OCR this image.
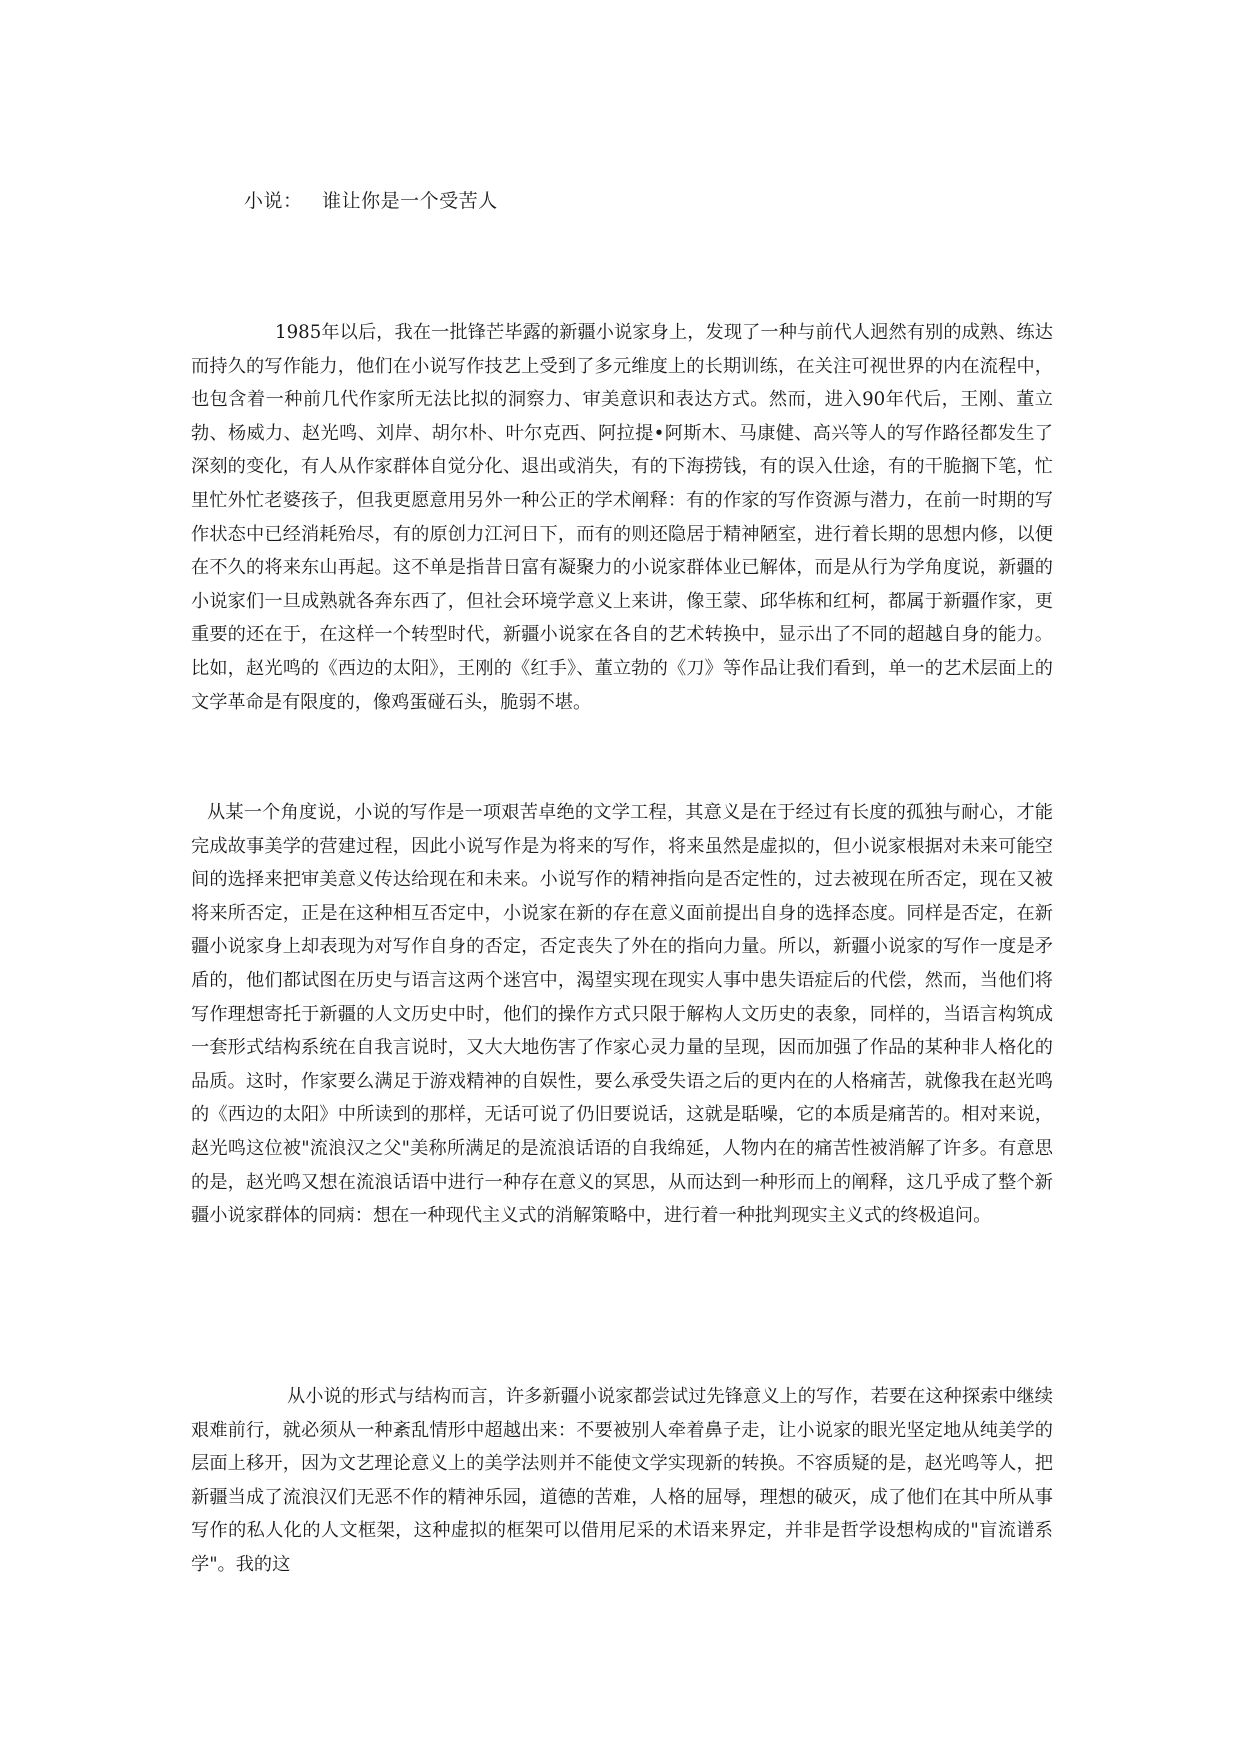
小说：   谁让你是一个受苦人

1985年以后，我在一批锋芒毕露的新疆小说家身上，发现了一种与前代人迥然有别的成熟、练达而持久的写作能力，他们在小说写作技艺上受到了多元维度上的长期训练，在关注可视世界的内在流程中，也包含着一种前几代作家所无法比拟的洞察力、审美意识和表达方式。然而，进入90年代后，王刚、董立勃、杨威力、赵光鸣、刘岸、胡尔朴、叶尔克西、阿拉提•阿斯木、马康健、高兴等人的写作路径都发生了深刻的变化，有人从作家群体自觉分化、退出或消失，有的下海捞钱，有的误入仕途，有的干脆搁下笔，忙里忙外忙老婆孩子，但我更愿意用另外一种公正的学术阐释：有的作家的写作资源与潜力，在前一时期的写作状态中已经消耗殆尽，有的原创力江河日下，而有的则还隐居于精神陋室，进行着长期的思想内修，以便在不久的将来东山再起。这不单是指昔日富有凝聚力的小说家群体业已解体，而是从行为学角度说，新疆的小说家们一旦成熟就各奔东西了，但社会环境学意义上来讲，像王蒙、邱华栋和红柯，都属于新疆作家，更重要的还在于，在这样一个转型时代，新疆小说家在各自的艺术转换中，显示出了不同的超越自身的能力。比如，赵光鸣的《西边的太阳》，王刚的《红手》、董立勃的《刀》等作品让我们看到，单一的艺术层面上的文学革命是有限度的，像鸡蛋碰石头，脆弱不堪。

从某一个角度说，小说的写作是一项艰苦卓绝的文学工程，其意义是在于经过有长度的孤独与耐心，才能完成故事美学的营建过程，因此小说写作是为将来的写作，将来虽然是虚拟的，但小说家根据对未来可能空间的选择来把审美意义传达给现在和未来。小说写作的精神指向是否定性的，过去被现在所否定，现在又被将来所否定，正是在这种相互否定中，小说家在新的存在意义面前提出自身的选择态度。同样是否定，在新疆小说家身上却表现为对写作自身的否定，否定丧失了外在的指向力量。所以，新疆小说家的写作一度是矛盾的，他们都试图在历史与语言这两个迷宫中，渴望实现在现实人事中患失语症后的代偿，然而，当他们将写作理想寄托于新疆的人文历史中时，他们的操作方式只限于解构人文历史的表象，同样的，当语言构筑成一套形式结构系统在自我言说时，又大大地伤害了作家心灵力量的呈现，因而加强了作品的某种非人格化的品质。这时，作家要么满足于游戏精神的自娱性，要么承受失语之后的更内在的人格痛苦，就像我在赵光鸣的《西边的太阳》中所读到的那样，无话可说了仍旧要说话，这就是聒噪，它的本质是痛苦的。相对来说，赵光鸣这位被"流浪汉之父"美称所满足的是流浪话语的自我绵延，人物内在的痛苦性被消解了许多。有意思的是，赵光鸣又想在流浪话语中进行一种存在意义的冥思，从而达到一种形而上的阐释，这几乎成了整个新疆小说家群体的同病：想在一种现代主义式的消解策略中，进行着一种批判现实主义式的终极追问。

从小说的形式与结构而言，许多新疆小说家都尝试过先锋意义上的写作，若要在这种探索中继续艰难前行，就必须从一种紊乱情形中超越出来：不要被别人牵着鼻子走，让小说家的眼光坚定地从纯美学的层面上移开，因为文艺理论意义上的美学法则并不能使文学实现新的转换。不容质疑的是，赵光鸣等人，把新疆当成了流浪汉们无恶不作的精神乐园，道德的苦难，人格的屈辱，理想的破灭，成了他们在其中所从事写作的私人化的人文框架，这种虚拟的框架可以借用尼采的术语来界定，并非是哲学设想构成的"盲流谱系学"。我的这
